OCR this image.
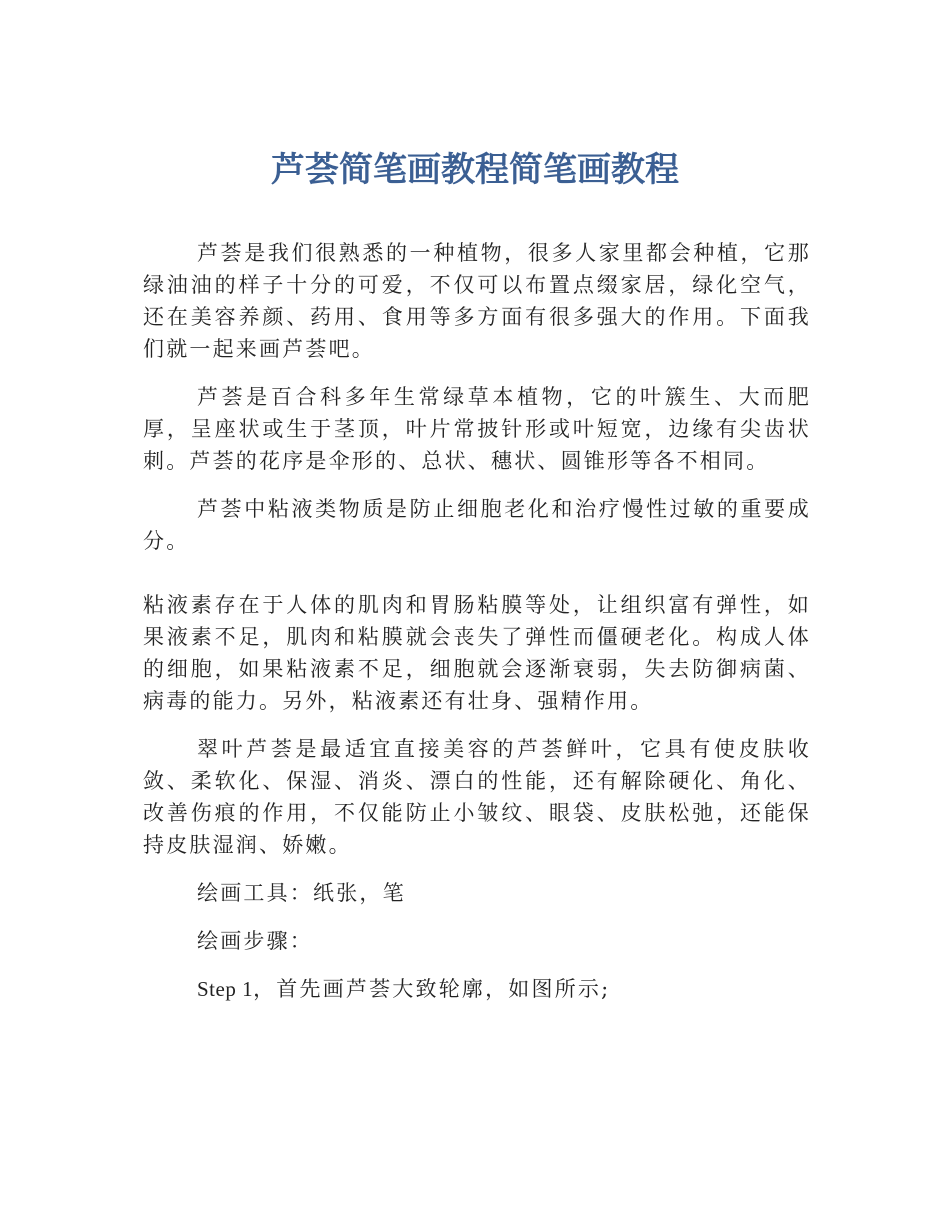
芦荟简笔画教程简笔画教程

芦荟是我们很熟悉的一种植物，很多人家里都会种植，它那绿油油的样子十分的可爱，不仅可以布置点缀家居，绿化空气，还在美容养颜、药用、食用等多方面有很多强大的作用。下面我们就一起来画芦荟吧。

芦荟是百合科多年生常绿草本植物，它的叶簇生、大而肥厚，呈座状或生于茎顶，叶片常披针形或叶短宽，边缘有尖齿状刺。芦荟的花序是伞形的、总状、穗状、圆锥形等各不相同。

芦荟中粘液类物质是防止细胞老化和治疗慢性过敏的重要成分。

粘液素存在于人体的肌肉和胃肠粘膜等处，让组织富有弹性，如果液素不足，肌肉和粘膜就会丧失了弹性而僵硬老化。构成人体的细胞，如果粘液素不足，细胞就会逐渐衰弱，失去防御病菌、病毒的能力。另外，粘液素还有壮身、强精作用。

翠叶芦荟是最适宜直接美容的芦荟鲜叶，它具有使皮肤收敛、柔软化、保湿、消炎、漂白的性能，还有解除硬化、角化、改善伤痕的作用，不仅能防止小皱纹、眼袋、皮肤松弛，还能保持皮肤湿润、娇嫩。

绘画工具：纸张，笔

绘画步骤：

Step 1，首先画芦荟大致轮廓，如图所示;
